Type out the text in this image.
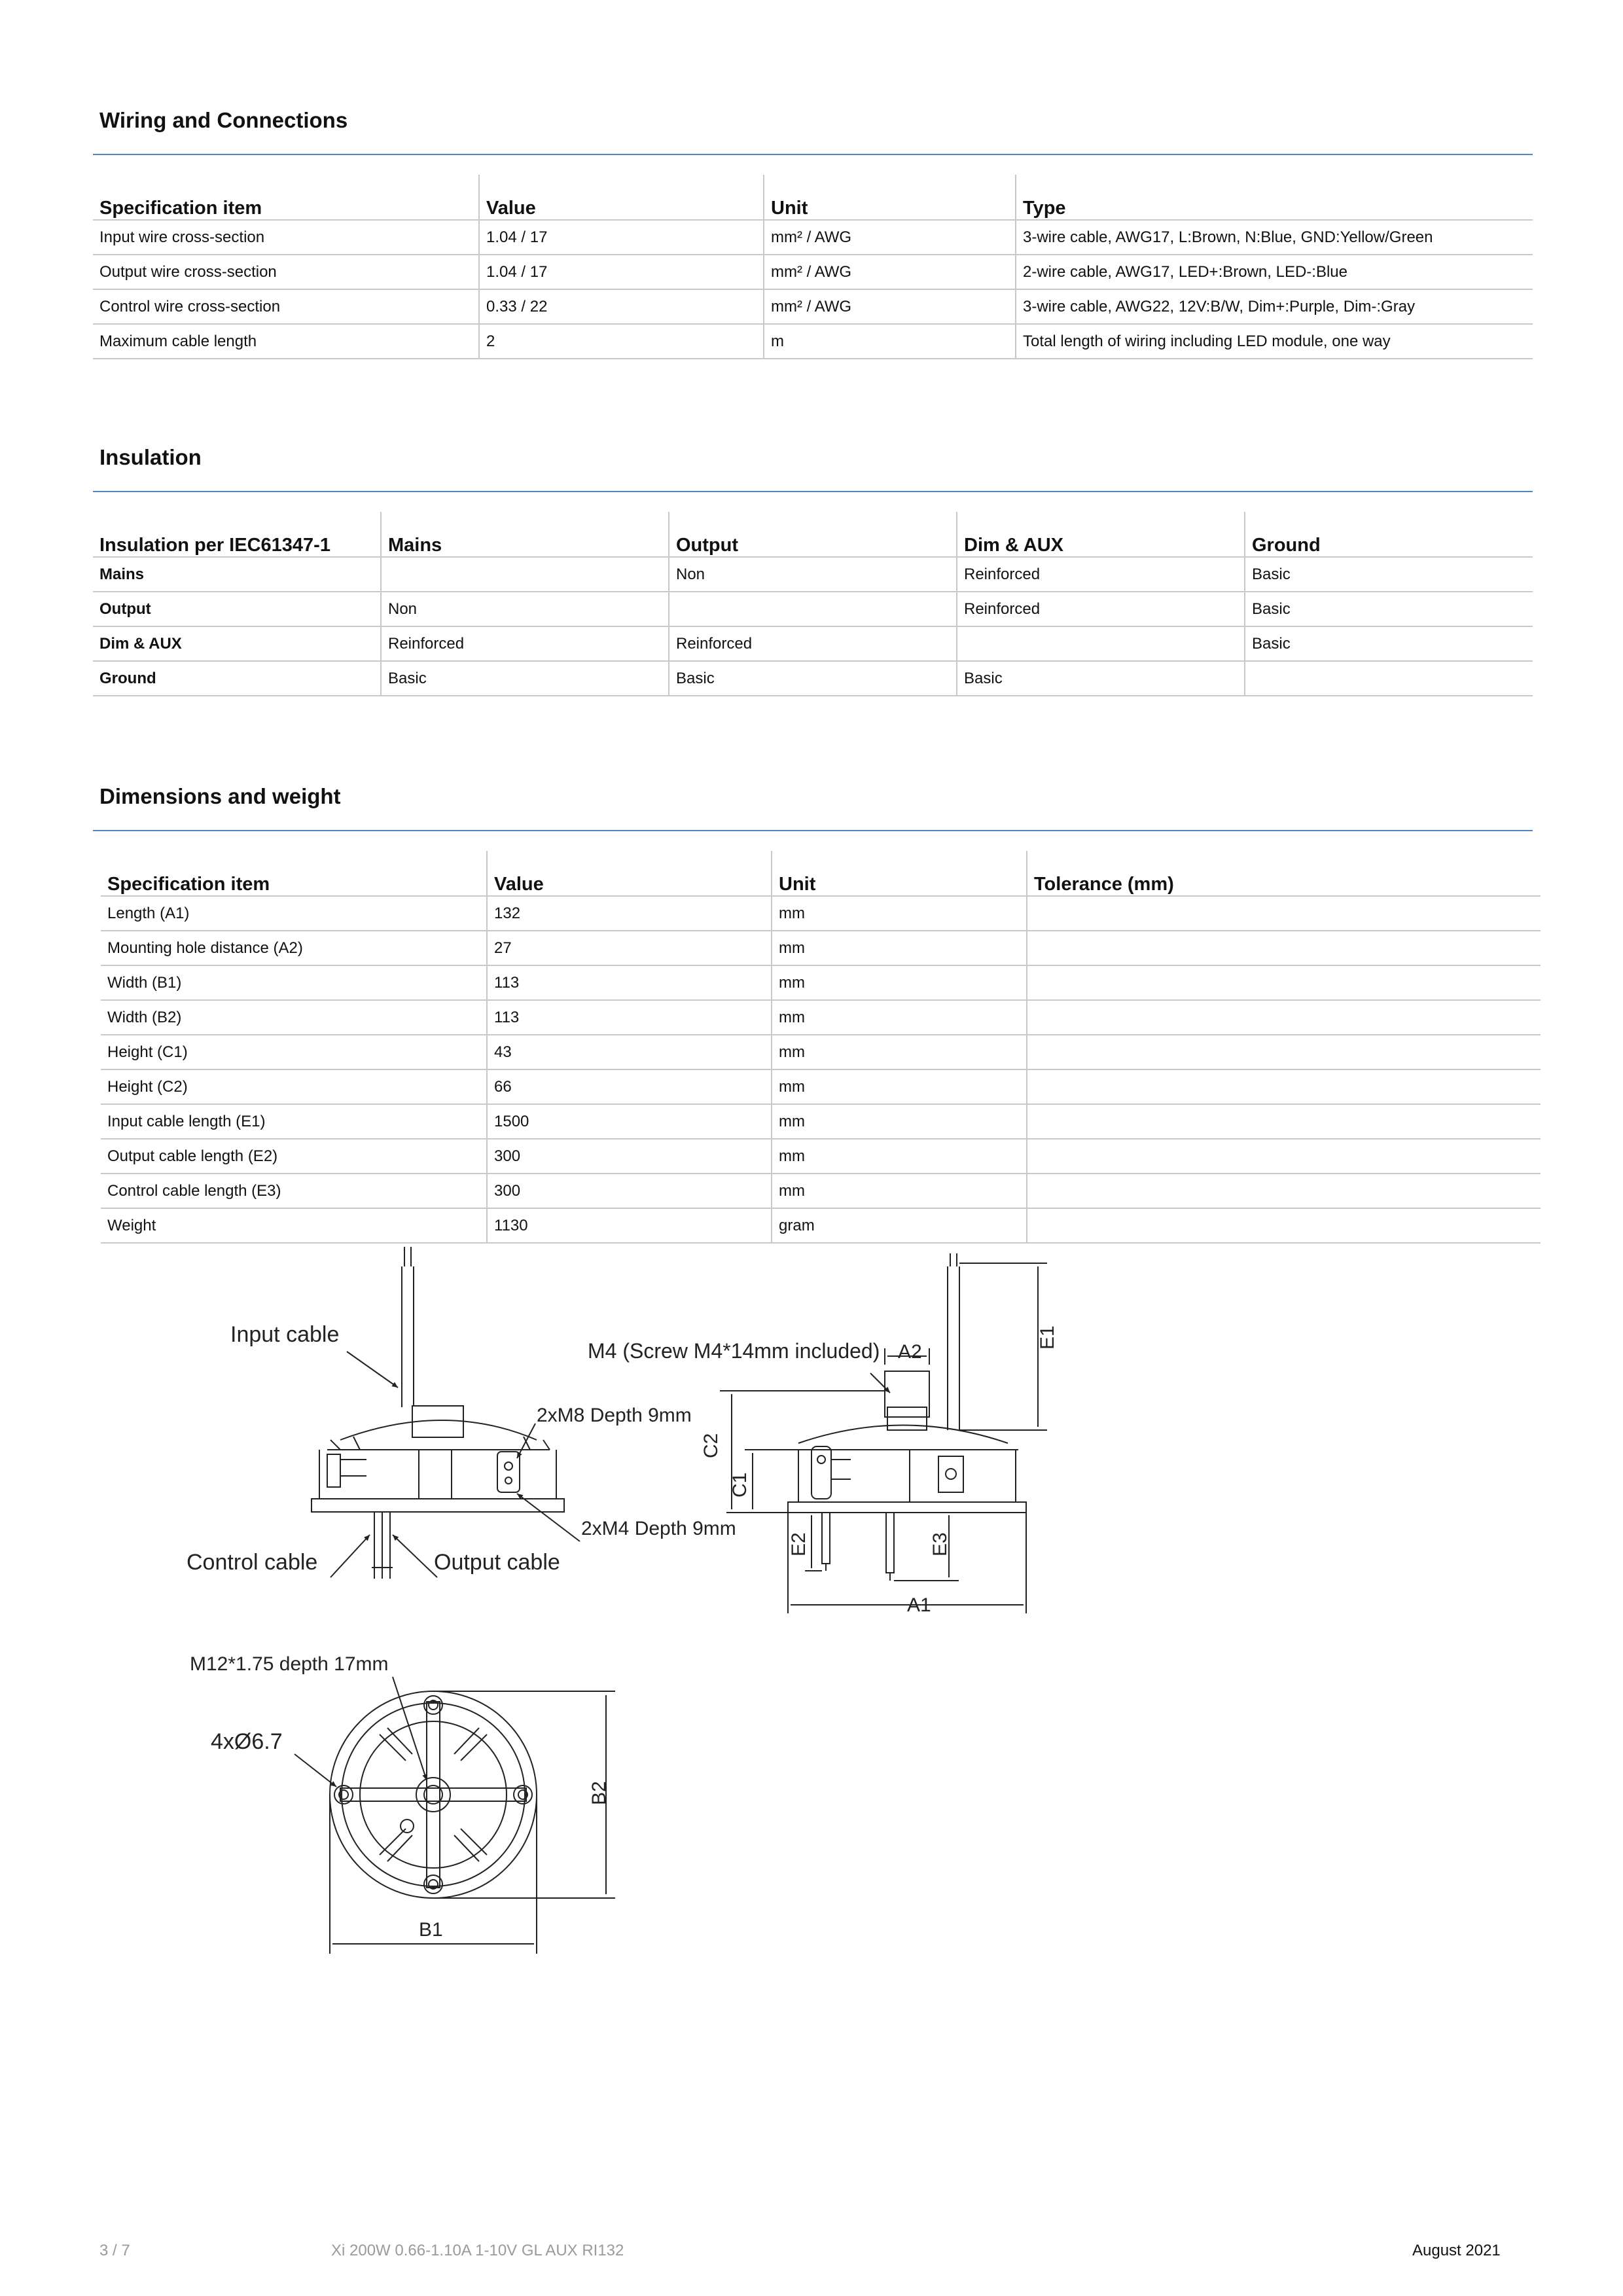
Wiring and Connections
Specification item	Value	Unit	Type
Input wire cross-section	1.04 / 17	mm² / AWG	3-wire cable, AWG17, L:Brown, N:Blue, GND:Yellow/Green
Output wire cross-section	1.04 / 17	mm² / AWG	2-wire cable, AWG17, LED+:Brown, LED-:Blue
Control wire cross-section	0.33 / 22	mm² / AWG	3-wire cable, AWG22, 12V:B/W, Dim+:Purple, Dim-:Gray
Maximum cable length	2	m	Total length of wiring including LED module, one way
Insulation
Insulation per IEC61347-1	Mains	Output	Dim & AUX	Ground
Mains		Non	Reinforced	Basic
Output	Non		Reinforced	Basic
Dim & AUX	Reinforced	Reinforced		Basic
Ground	Basic	Basic	Basic	
Dimensions and weight
Specification item	Value	Unit	Tolerance (mm)
Length (A1)	132	mm	
Mounting hole distance (A2)	27	mm	
Width (B1)	113	mm	
Width (B2)	113	mm	
Height (C1)	43	mm	
Height (C2)	66	mm	
Input cable length (E1)	1500	mm	
Output cable length (E2)	300	mm	
Control cable length (E3)	300	mm	
Weight	1130	gram	
Input cable
2xM8 Depth 9mm
2xM4 Depth 9mm
Control cable	Output cable
M4 (Screw M4*14mm included) A2
A1
E1
C2
C1
E2	E3
M12*1.75 depth 17mm
4xØ6.7
B1
B2
3 / 7	Xi 200W 0.66-1.10A 1-10V GL AUX RI132	August 2021
